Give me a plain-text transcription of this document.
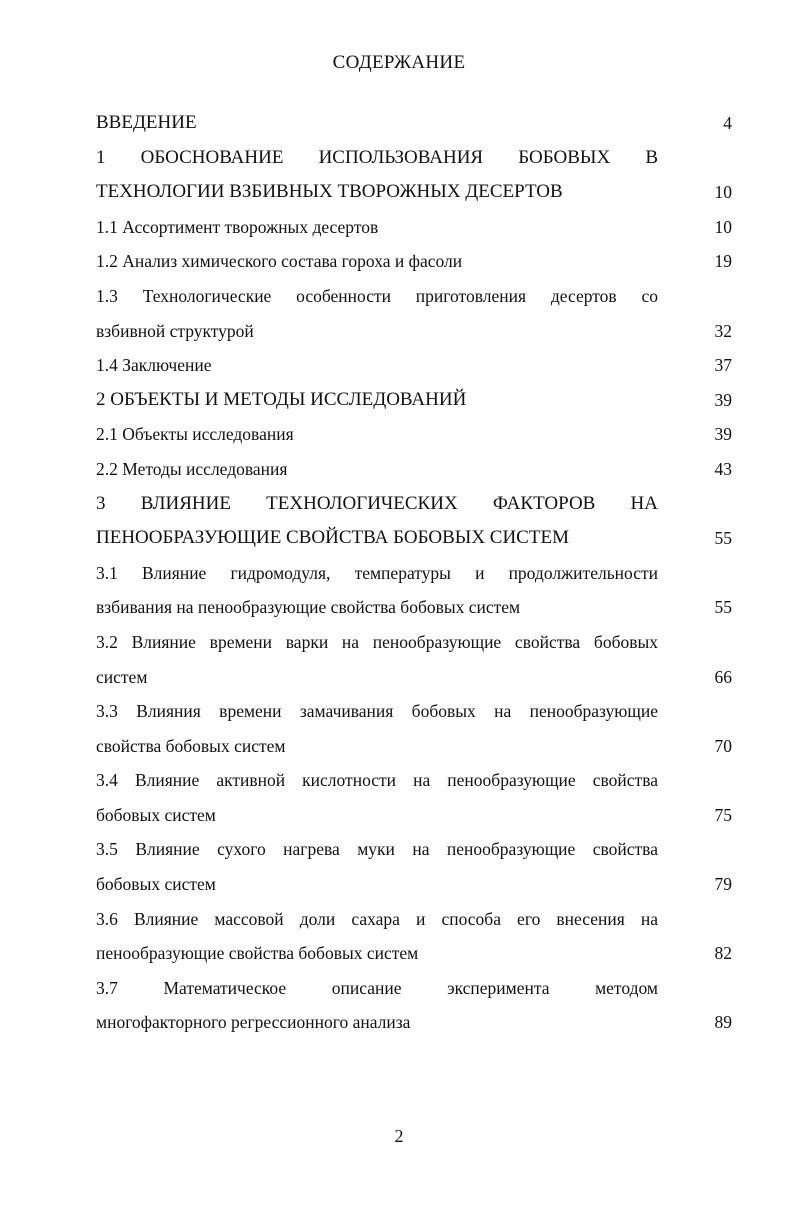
СОДЕРЖАНИЕ
ВВЕДЕНИЕ	4
1 ОБОСНОВАНИЕ ИСПОЛЬЗОВАНИЯ БОБОВЫХ В
ТЕХНОЛОГИИ ВЗБИВНЫХ ТВОРОЖНЫХ ДЕСЕРТОВ	10
1.1 Ассортимент творожных десертов	10
1.2 Анализ химического состава гороха и фасоли	19
1.3 Технологические особенности приготовления десертов со
взбивной структурой	32
1.4 Заключение	37
2 ОБЪЕКТЫ И МЕТОДЫ ИССЛЕДОВАНИЙ	39
2.1 Объекты исследования	39
2.2 Методы исследования	43
3 ВЛИЯНИЕ ТЕХНОЛОГИЧЕСКИХ ФАКТОРОВ НА
ПЕНООБРАЗУЮЩИЕ СВОЙСТВА БОБОВЫХ СИСТЕМ	55
3.1 Влияние гидромодуля, температуры и продолжительности
взбивания на пенообразующие свойства бобовых систем	55
3.2 Влияние времени варки на пенообразующие свойства бобовых
систем	66
3.3 Влияния времени замачивания бобовых на пенообразующие
свойства бобовых систем	70
3.4 Влияние активной кислотности на пенообразующие свойства
бобовых систем	75
3.5 Влияние сухого нагрева муки на пенообразующие свойства
бобовых систем	79
3.6 Влияние массовой доли сахара и способа его внесения на
пенообразующие свойства бобовых систем	82
3.7 Математическое описание эксперимента методом
многофакторного регрессионного анализа	89
2
